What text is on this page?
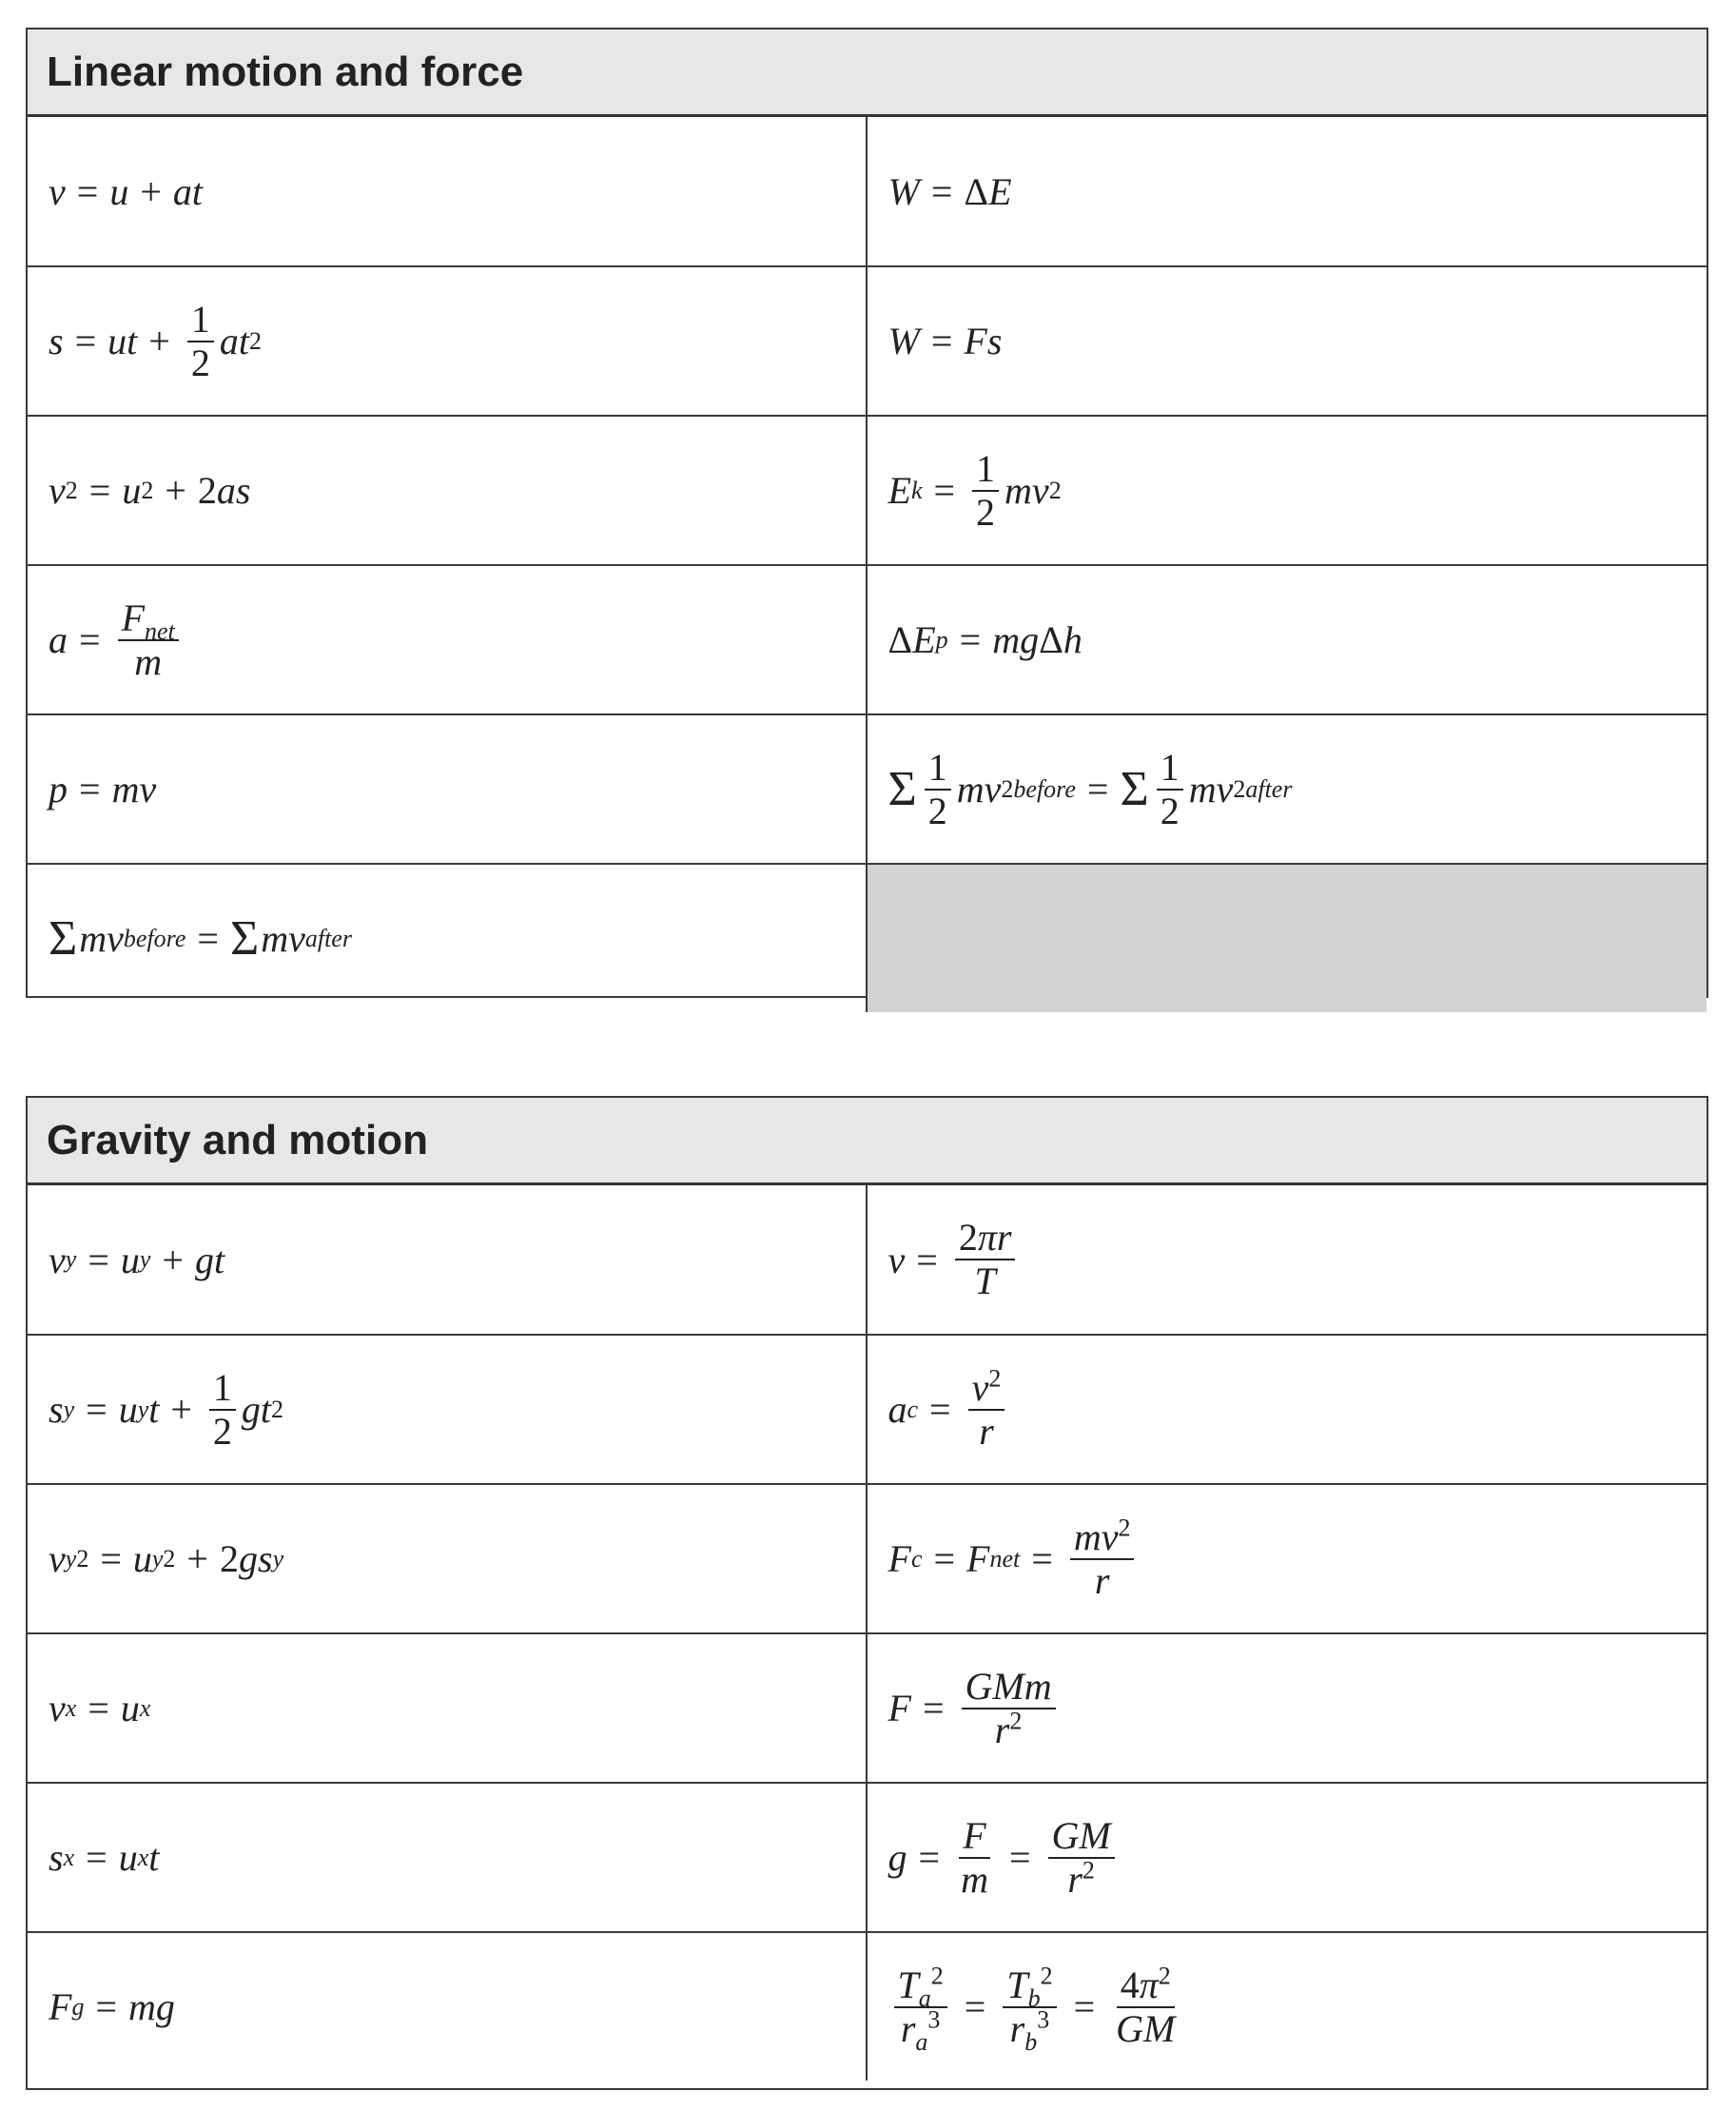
Linear motion and force
v = u + at	W = Δ E
s = ut + $\frac{1}{2}$ at 2	W = Fs
v 2 = u 2 + 2 as	E $k = \frac{1}{2}$ mv 2
$a = \frac{F_{net}}{m}$	Δ E p = mg Δ h
p = mv	Σ $\frac{1}{2}$ mv 2 before = Σ $\frac{1}{2}$ mv 2 after
Σ mv before = Σ mv after
Gravity and motion
v y = u y + gt	$v = \frac{2\pi r}{T}$
s y = u y $t + \frac{1}{2}$ gt 2	a $c = \frac{v^2}{r}$
v y 2 = u y 2 + 2 gs y	F c = F net = $\frac{mv^2}{r}$
v x = u x	$F = \frac{\text{GMm}}{r^2}$
s x = u x t	$g = \frac{F}{m} = \frac{GM}{r^2}$
F g = mg	$\frac{T_a^2}{r_a^3} = \frac{T_b^2}{r_b^3} = \frac{4\pi^2}{GM}$
